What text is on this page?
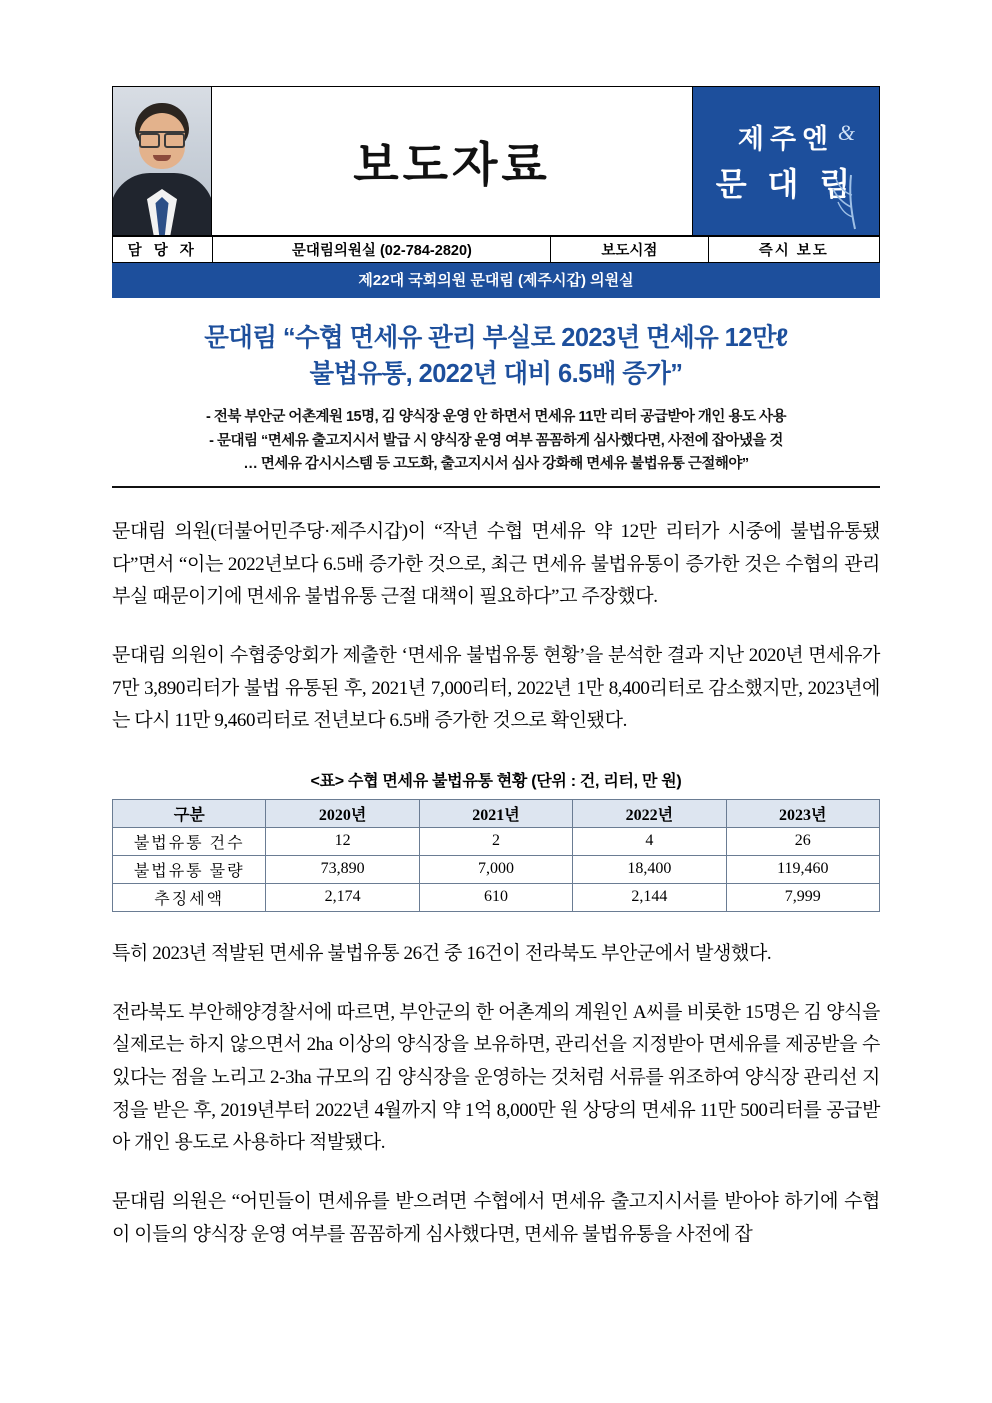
보도자료	제주엔 &
문 대 림
담 당 자	문대림의원실 (02-784-2820)	보도시점	즉시 보도
제22대 국회의원 문대림 (제주시갑) 의원실
문대림 “수협 면세유 관리 부실로 2023년 면세유 12만ℓ
불법유통, 2022년 대비 6.5배 증가”
- 전북 부안군 어촌계원 15명, 김 양식장 운영 안 하면서 면세유 11만 리터 공급받아 개인 용도 사용
- 문대림 “면세유 출고지시서 발급 시 양식장 운영 여부 꼼꼼하게 심사했다면, 사전에 잡아냈을 것
… 면세유 감시시스템 등 고도화, 출고지시서 심사 강화해 면세유 불법유통 근절해야”

문대림 의원(더불어민주당·제주시갑)이 “작년 수협 면세유 약 12만 리터가 시중에 불법유통됐다”면서 “이는 2022년보다 6.5배 증가한 것으로, 최근 면세유 불법유통이 증가한 것은 수협의 관리 부실 때문이기에 면세유 불법유통 근절 대책이 필요하다”고 주장했다.

문대림 의원이 수협중앙회가 제출한 ‘면세유 불법유통 현황’을 분석한 결과 지난 2020년 면세유가 7만 3,890리터가 불법 유통된 후, 2021년 7,000리터, 2022년 1만 8,400리터로 감소했지만, 2023년에는 다시 11만 9,460리터로 전년보다 6.5배 증가한 것으로 확인됐다.

<표> 수협 면세유 불법유통 현황 (단위 : 건, 리터, 만 원)
구분	2020년	2021년	2022년	2023년
불법유통 건수	12	2	4	26
불법유통 물량	73,890	7,000	18,400	119,460
추징세액	2,174	610	2,144	7,999

특히 2023년 적발된 면세유 불법유통 26건 중 16건이 전라북도 부안군에서 발생했다.

전라북도 부안해양경찰서에 따르면, 부안군의 한 어촌계의 계원인 A씨를 비롯한 15명은 김 양식을 실제로는 하지 않으면서 2ha 이상의 양식장을 보유하면, 관리선을 지정받아 면세유를 제공받을 수 있다는 점을 노리고 2-3ha 규모의 김 양식장을 운영하는 것처럼 서류를 위조하여 양식장 관리선 지정을 받은 후, 2019년부터 2022년 4월까지 약 1억 8,000만 원 상당의 면세유 11만 500리터를 공급받아 개인 용도로 사용하다 적발됐다.

문대림 의원은 “어민들이 면세유를 받으려면 수협에서 면세유 출고지시서를 받아야 하기에 수협이 이들의 양식장 운영 여부를 꼼꼼하게 심사했다면, 면세유 불법유통을 사전에 잡
